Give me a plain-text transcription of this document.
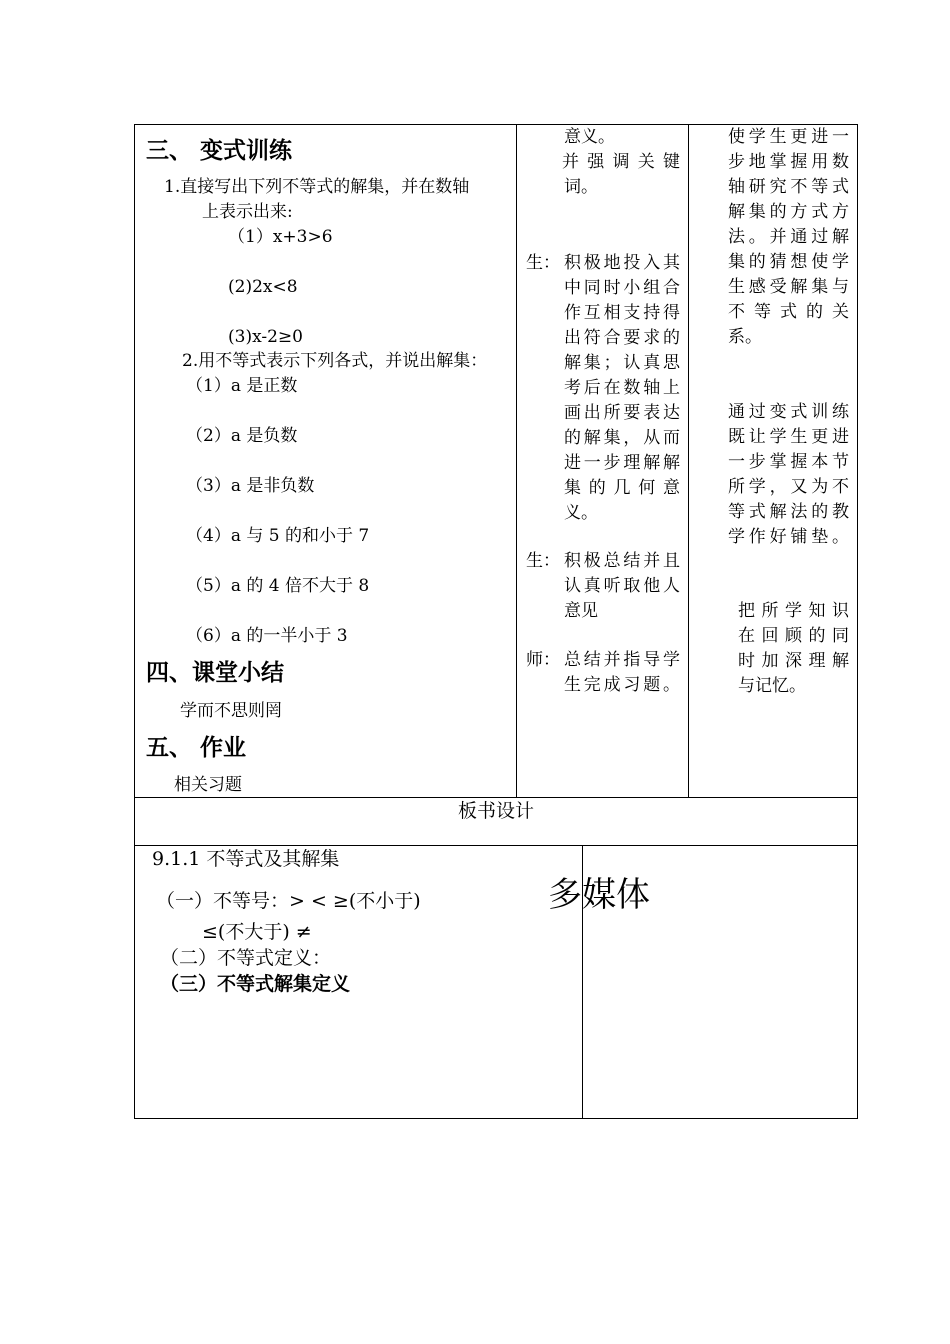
三、 变式训练
1.直接写出下列不等式的解集，并在数轴
上表示出来:
（1）x+3>6
(2)2x<8
(3)x-2≥0
2.用不等式表示下列各式，并说出解集：
（1）a 是正数
（2）a 是负数
（3）a 是非负数
（4）a 与 5 的和小于 7
（5）a 的 4 倍不大于 8
（6）a 的一半小于 3
四、课堂小结
学而不思则罔
五、 作业
相关习题
意义。
并强调关键
词。
生： 积极地投入其
中同时小组合
作互相支持得
出符合要求的
解集；认真思
考后在数轴上
画出所要表达
的解集，从而
进一步理解解
集的几何意
义。
生： 积极总结并且
认真听取他人
意见
师： 总结并指导学
生完成习题。
使学生更进一
步地掌握用数
轴研究不等式
解集的方式方
法。并通过解
集的猜想使学
生感受解集与
不等式的关
系。
通过变式训练
既让学生更进
一步掌握本节
所学，又为不
等式解法的教
学作好铺垫。
把所学知识
在回顾的同
时加深理解
与记忆。
板书设计
9.1.1 不等式及其解集
（一）不等号：> < ≥(不小于)
≤(不大于) ≠
（二）不等式定义：
（三）不等式解集定义
多媒体
